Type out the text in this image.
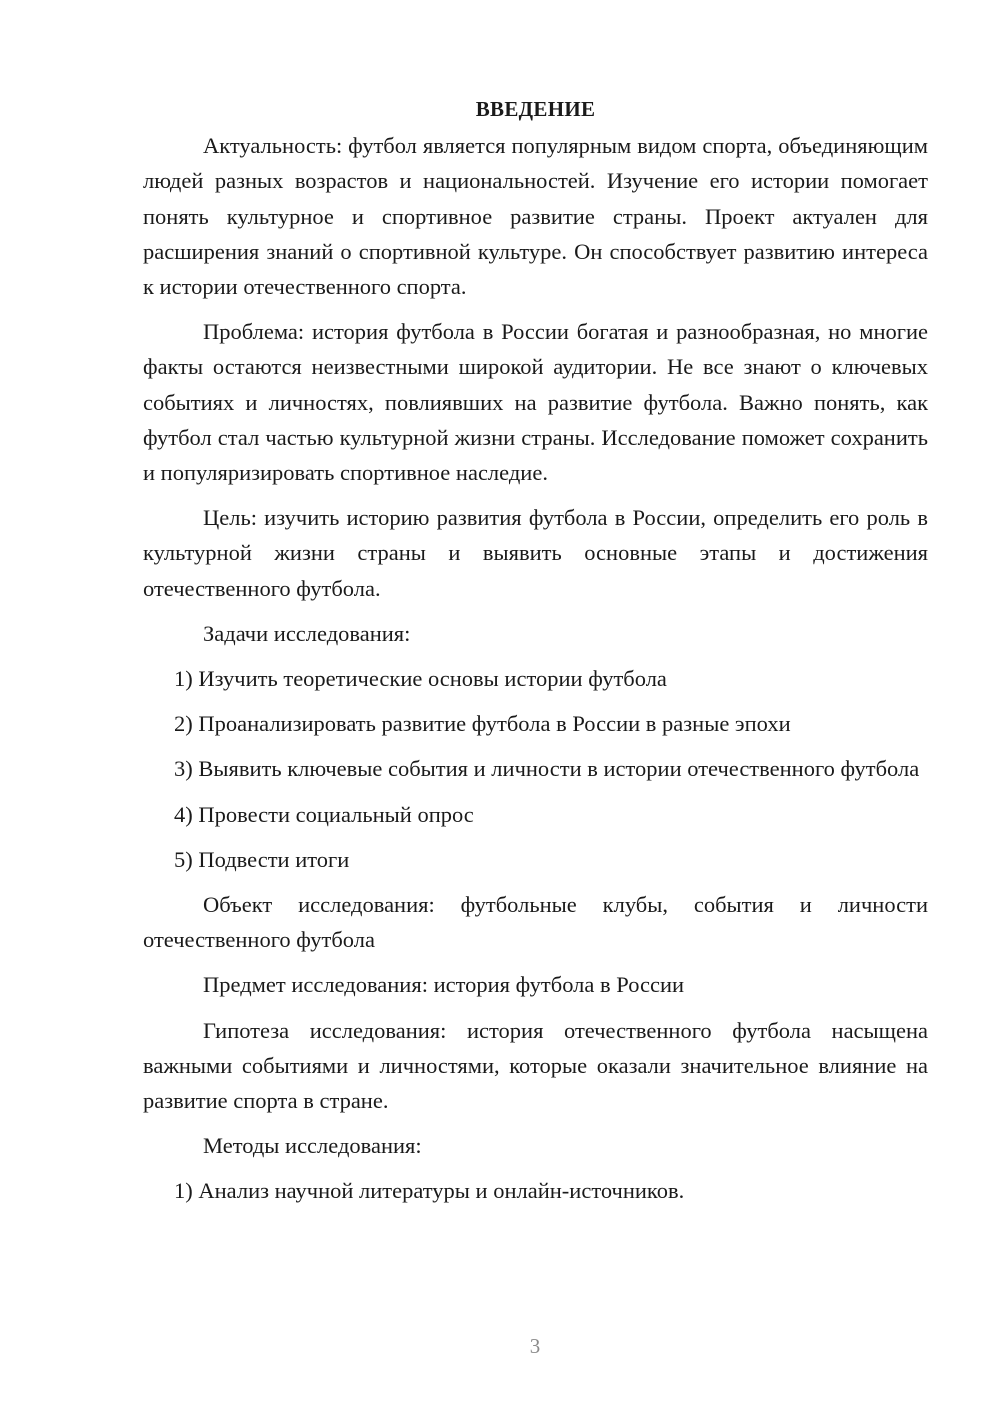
ВВЕДЕНИЕ

Актуальность: футбол является популярным видом спорта, объединяющим людей разных возрастов и национальностей. Изучение его истории помогает понять культурное и спортивное развитие страны. Проект актуален для расширения знаний о спортивной культуре. Он способствует развитию интереса к истории отечественного спорта.

Проблема: история футбола в России богатая и разнообразная, но многие факты остаются неизвестными широкой аудитории. Не все знают о ключевых событиях и личностях, повлиявших на развитие футбола. Важно понять, как футбол стал частью культурной жизни страны. Исследование поможет сохранить и популяризировать спортивное наследие.

Цель: изучить историю развития футбола в России, определить его роль в культурной жизни страны и выявить основные этапы и достижения отечественного футбола.

Задачи исследования:

1) Изучить теоретические основы истории футбола

2) Проанализировать развитие футбола в России в разные эпохи

3) Выявить ключевые события и личности в истории отечественного футбола

4) Провести социальный опрос

5) Подвести итоги

Объект исследования: футбольные клубы, события и личности отечественного футбола

Предмет исследования: история футбола в России

Гипотеза исследования: история отечественного футбола насыщена важными событиями и личностями, которые оказали значительное влияние на развитие спорта в стране.

Методы исследования:

1) Анализ научной литературы и онлайн-источников.

3
